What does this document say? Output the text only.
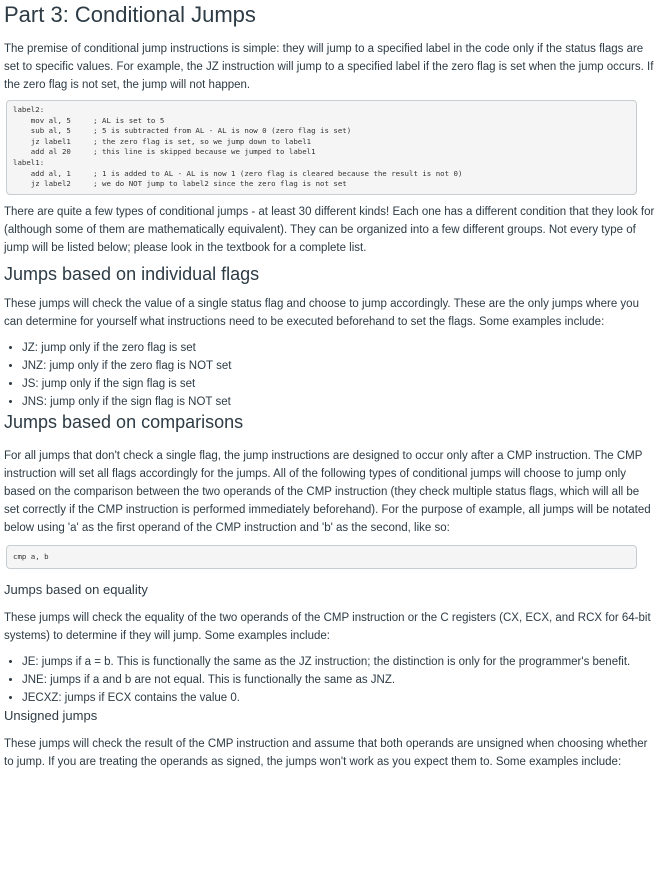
Part 3: Conditional Jumps

The premise of conditional jump instructions is simple: they will jump to a specified label in the code only if the status flags are set to specific values. For example, the JZ instruction will jump to a specified label if the zero flag is set when the jump occurs. If the zero flag is not set, the jump will not happen.

label2:
mov al, 5     ; AL is set to 5
sub al, 5     ; 5 is subtracted from AL - AL is now 0 (zero flag is set)
jz label1     ; the zero flag is set, so we jump down to label1
add al 20     ; this line is skipped because we jumped to label1
label1:
add al, 1     ; 1 is added to AL - AL is now 1 (zero flag is cleared because the result is not 0)
jz label2     ; we do NOT jump to label2 since the zero flag is not set

There are quite a few types of conditional jumps - at least 30 different kinds! Each one has a different condition that they look for (although some of them are mathematically equivalent). They can be organized into a few different groups. Not every type of jump will be listed below; please look in the textbook for a complete list.

Jumps based on individual flags

These jumps will check the value of a single status flag and choose to jump accordingly. These are the only jumps where you can determine for yourself what instructions need to be executed beforehand to set the flags. Some examples include:

• JZ: jump only if the zero flag is set
• JNZ: jump only if the zero flag is NOT set
• JS: jump only if the sign flag is set
• JNS: jump only if the sign flag is NOT set
Jumps based on comparisons

For all jumps that don't check a single flag, the jump instructions are designed to occur only after a CMP instruction. The CMP instruction will set all flags accordingly for the jumps. All of the following types of conditional jumps will choose to jump only based on the comparison between the two operands of the CMP instruction (they check multiple status flags, which will all be set correctly if the CMP instruction is performed immediately beforehand). For the purpose of example, all jumps will be notated below using 'a' as the first operand of the CMP instruction and 'b' as the second, like so:

cmp a, b
Jumps based on equality

These jumps will check the equality of the two operands of the CMP instruction or the C registers (CX, ECX, and RCX for 64-bit systems) to determine if they will jump. Some examples include:

• JE: jumps if a = b. This is functionally the same as the JZ instruction; the distinction is only for the programmer's benefit.
• JNE: jumps if a and b are not equal. This is functionally the same as JNZ.
• JECXZ: jumps if ECX contains the value 0.
Unsigned jumps

These jumps will check the result of the CMP instruction and assume that both operands are unsigned when choosing whether to jump. If you are treating the operands as signed, the jumps won't work as you expect them to. Some examples include:
